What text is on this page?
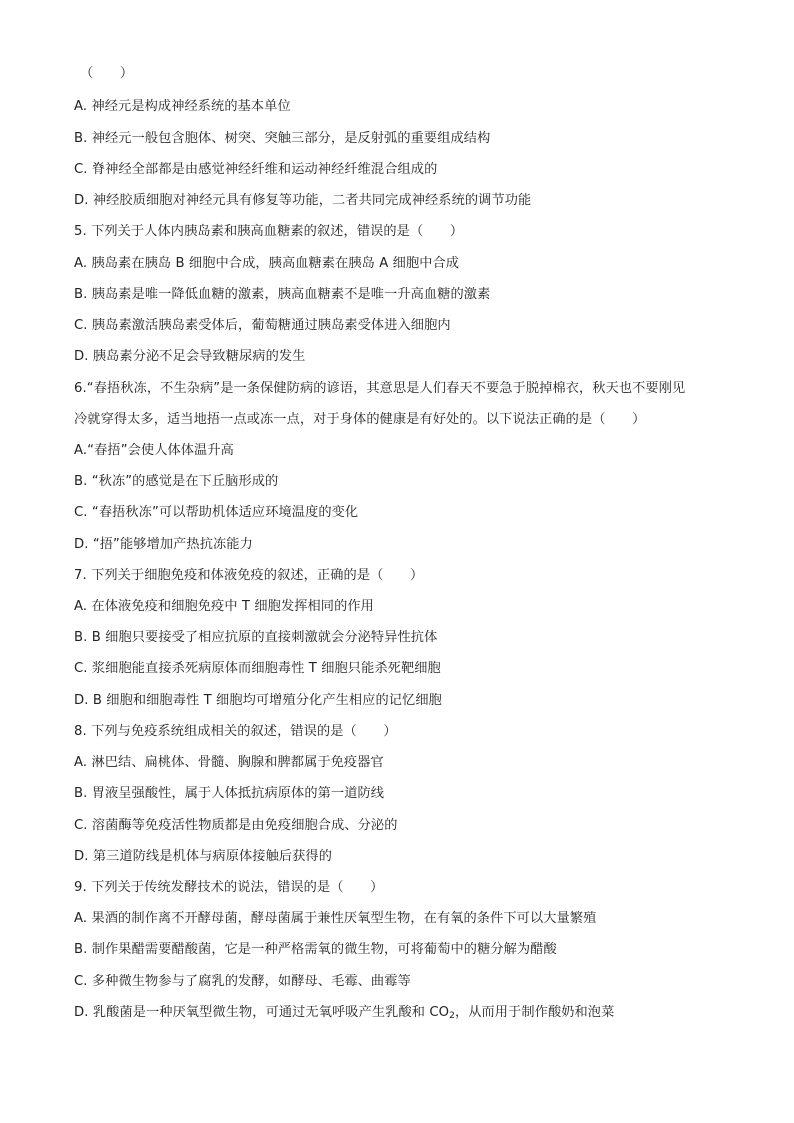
（　　）
A. 神经元是构成神经系统的基本单位
B. 神经元一般包含胞体、树突、突触三部分，是反射弧的重要组成结构
C. 脊神经全部都是由感觉神经纤维和运动神经纤维混合组成的
D. 神经胶质细胞对神经元具有修复等功能，二者共同完成神经系统的调节功能
5. 下列关于人体内胰岛素和胰高血糖素的叙述，错误的是（　　）
A. 胰岛素在胰岛 B 细胞中合成，胰高血糖素在胰岛 A 细胞中合成
B. 胰岛素是唯一降低血糖的激素，胰高血糖素不是唯一升高血糖的激素
C. 胰岛素激活胰岛素受体后，葡萄糖通过胰岛素受体进入细胞内
D. 胰岛素分泌不足会导致糖尿病的发生
6.“春捂秋冻，不生杂病”是一条保健防病的谚语，其意思是人们春天不要急于脱掉棉衣，秋天也不要刚见
冷就穿得太多，适当地捂一点或冻一点，对于身体的健康是有好处的。以下说法正确的是（　　）
A.“春捂”会使人体体温升高
B. “秋冻”的感觉是在下丘脑形成的
C. “春捂秋冻”可以帮助机体适应环境温度的变化
D. “捂”能够增加产热抗冻能力
7. 下列关于细胞免疫和体液免疫的叙述，正确的是（　　）
A. 在体液免疫和细胞免疫中 T 细胞发挥相同的作用
B. B 细胞只要接受了相应抗原的直接刺激就会分泌特异性抗体
C. 浆细胞能直接杀死病原体而细胞毒性 T 细胞只能杀死靶细胞
D. B 细胞和细胞毒性 T 细胞均可增殖分化产生相应的记忆细胞
8. 下列与免疫系统组成相关的叙述，错误的是（　　）
A. 淋巴结、扁桃体、骨髓、胸腺和脾都属于免疫器官
B. 胃液呈强酸性，属于人体抵抗病原体的第一道防线
C. 溶菌酶等免疫活性物质都是由免疫细胞合成、分泌的
D. 第三道防线是机体与病原体接触后获得的
9. 下列关于传统发酵技术的说法，错误的是（　　）
A. 果酒的制作离不开酵母菌，酵母菌属于兼性厌氧型生物，在有氧的条件下可以大量繁殖
B. 制作果醋需要醋酸菌，它是一种严格需氧的微生物，可将葡萄中的糖分解为醋酸
C. 多种微生物参与了腐乳的发酵，如酵母、毛霉、曲霉等
D. 乳酸菌是一种厌氧型微生物，可通过无氧呼吸产生乳酸和 $CO_2$，从而用于制作酸奶和泡菜
